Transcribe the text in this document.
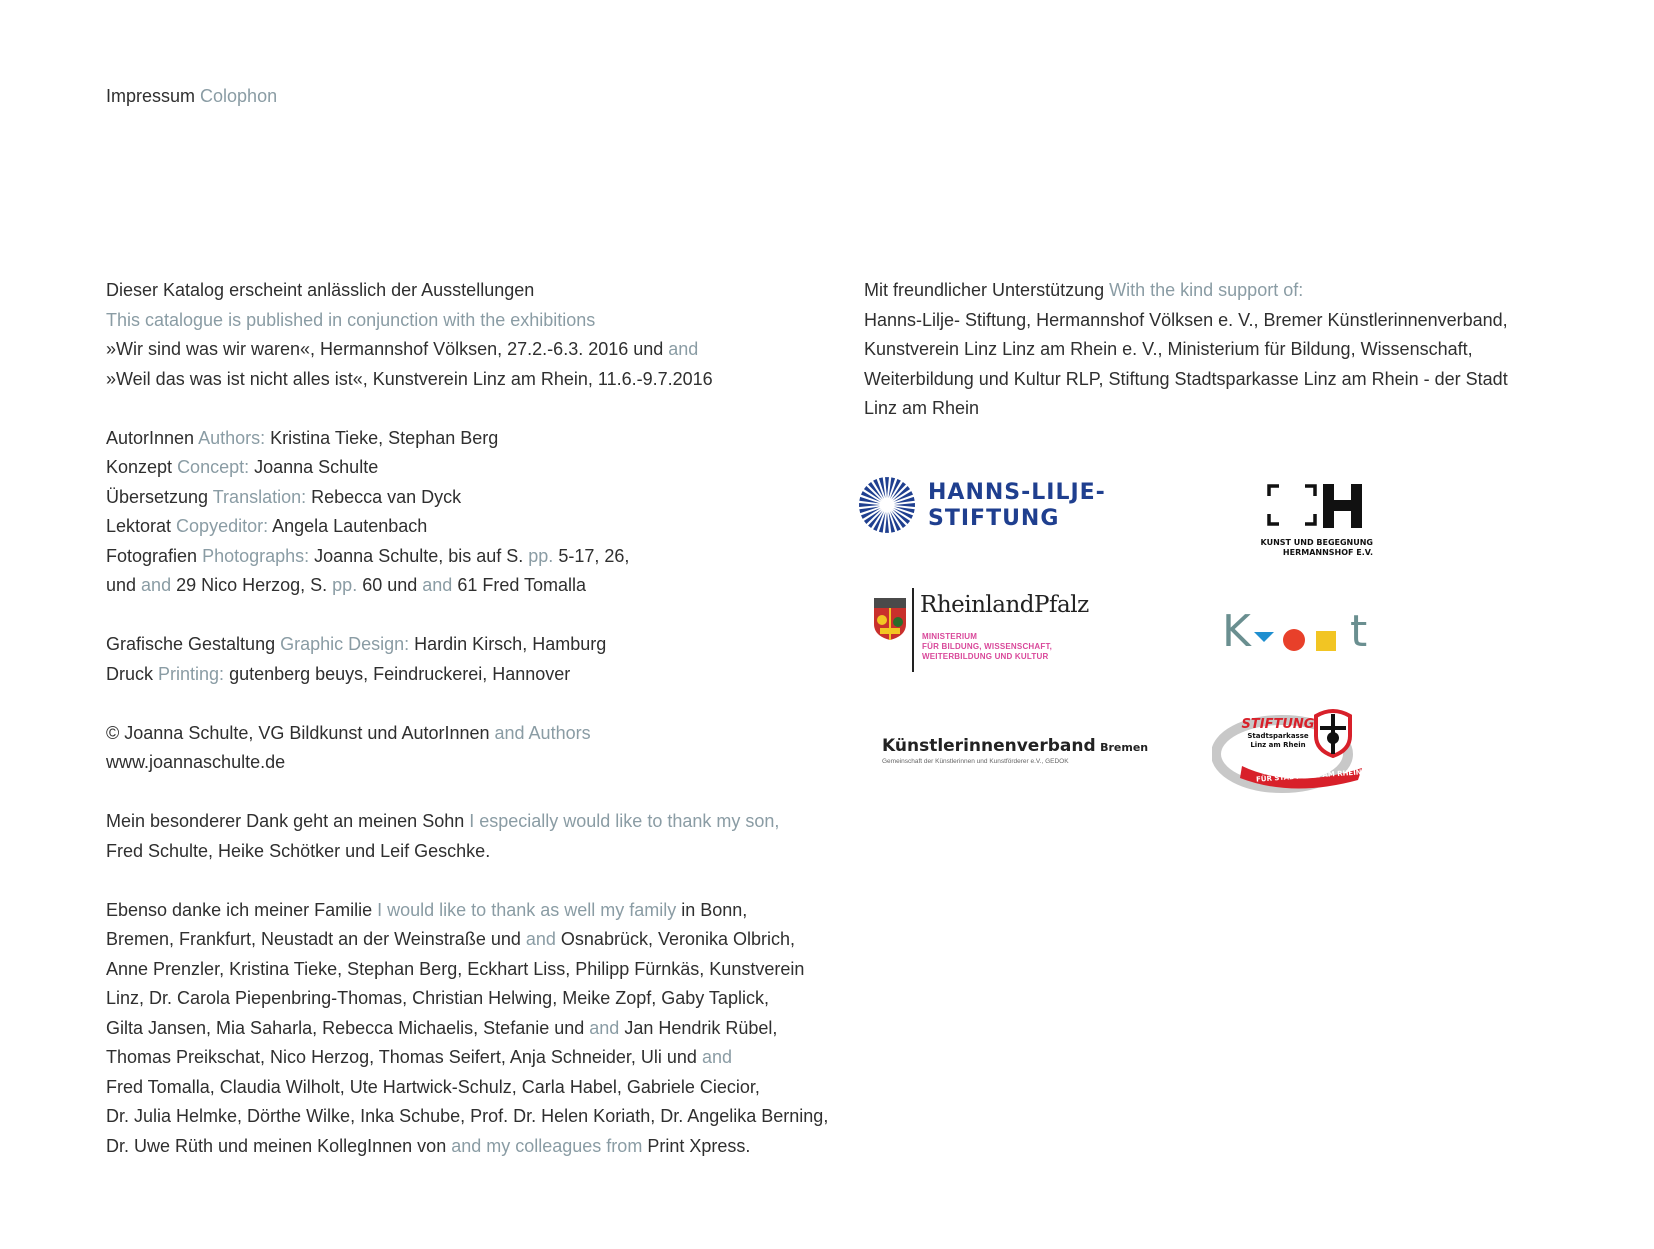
Impressum Colophon
Dieser Katalog erscheint anlässlich der Ausstellungen
This catalogue is published in conjunction with the exhibitions
»Wir sind was wir waren«, Hermannshof Völksen, 27.2.-6.3. 2016 und and
»Weil das was ist nicht alles ist«, Kunstverein Linz am Rhein, 11.6.-9.7.2016
AutorInnen Authors: Kristina Tieke, Stephan Berg
Konzept Concept: Joanna Schulte
Übersetzung Translation: Rebecca van Dyck
Lektorat Copyeditor: Angela Lautenbach
Fotografien Photographs: Joanna Schulte, bis auf S. pp. 5-17, 26,
und and 29 Nico Herzog, S. pp. 60 und and 61 Fred Tomalla
Grafische Gestaltung Graphic Design: Hardin Kirsch, Hamburg
Druck Printing: gutenberg beuys, Feindruckerei, Hannover
© Joanna Schulte, VG Bildkunst und AutorInnen and Authors
www.joannaschulte.de
Mein besonderer Dank geht an meinen Sohn I especially would like to thank my son,
Fred Schulte, Heike Schötker und Leif Geschke.
Ebenso danke ich meiner Familie I would like to thank as well my family in Bonn,
Bremen, Frankfurt, Neustadt an der Weinstraße und and Osnabrück, Veronika Olbrich,
Anne Prenzler, Kristina Tieke, Stephan Berg, Eckhart Liss, Philipp Fürnkäs, Kunstverein
Linz, Dr. Carola Piepenbring-Thomas, Christian Helwing, Meike Zopf, Gaby Taplick,
Gilta Jansen, Mia Saharla, Rebecca Michaelis, Stefanie und and Jan Hendrik Rübel,
Thomas Preikschat, Nico Herzog, Thomas Seifert, Anja Schneider, Uli und and
Fred Tomalla, Claudia Wilholt, Ute Hartwick-Schulz, Carla Habel, Gabriele Ciecior,
Dr. Julia Helmke, Dörthe Wilke, Inka Schube, Prof. Dr. Helen Koriath, Dr. Angelika Berning,
Dr. Uwe Rüth und meinen KollegInnen von and my colleagues from Print Xpress.
Mit freundlicher Unterstützung With the kind support of:
Hanns-Lilje- Stiftung, Hermannshof Völksen e. V., Bremer Künstlerinnenverband,
Kunstverein Linz Linz am Rhein e. V., Ministerium für Bildung, Wissenschaft,
Weiterbildung und Kultur RLP, Stiftung Stadtsparkasse Linz am Rhein - der Stadt
Linz am Rhein
HANNS-LILJE-
STIFTUNG
KUNST UND BEGEGNUNG
HERMANNSHOF E.V.
RheinlandPfalz
MINISTERIUM
FÜR BILDUNG, WISSENSCHAFT,
WEITERBILDUNG UND KULTUR	K t
Künstlerinnenverband Bremen
Gemeinschaft der Künstlerinnen und Kunstförderer e.V., GEDOK
STIFTUNG
Stadtsparkasse
Linz am Rhein
FÜR STADT LINZ AM RHEIN
